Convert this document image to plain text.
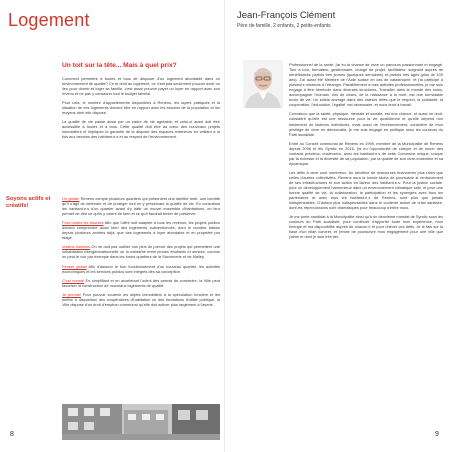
Logement
Un toit sur la tête... Mais à quel prix?

Comment permettre à toutes et tous de disposer d'un logement abordable dans un environnement de qualité? Ce te droit au logement, ce n'est pas seulement pouvoir avoir un lieu pour dormir et loger sa famille, c'est aussi pouvoir payer un loyer en rapport avec son revenu et ne pas y consacrer tout le budget familial.

Pour cela, le nombre d'appartements disponibles à Renens, les loyers pratiqués et la situation de ces logements doivent être en rapport avec les besoins de la population et les moyens dont elle dispose.

La qualité de vie passe aussi par un cadre de vie agréable, et celui-ci aussi doit être accessible à toutes et à tous. Cette qualité doit être au cœur des nouveaux projets immobiliers et impliquer la garantie de la dispose des espaces extérieurs en veillant à la fois aux besoins des habitant.e.s et au respect de l'environnement.

Soyons actifs et créatifs!

On garde! Renens compte plusieurs quartiers qui présentent une identité forte, une identité qu'il s'agit de défendre et de protéger tout en y préservant la qualité de vie. En consultant les habitant.e.s d'un quartier avant d'y bâtir un nouvel ensemble d'habitations, on leur permet de dire ce qu'ils y voient de bien et ce qu'il faudrait tenter de préserver.

Pour toutes les bourses Afin que l'offre soit adaptée à tous les revenus, les projets publics doivent comprendre aussi bien des logements subventionnés, dont le nombre baisse depuis plusieurs années déjà, que des logements à loyer abordable et en propriété par étage.

Voisins-Voisines On ne doit pas oublier non plus de prévoir des projets qui permettent une cohabitation intergénérationnelle ou la solidarité entre jeunes étudiants et seniors, comme on peut le voir par exemple dans les futurs quartiers de la Savonnerie et de Malley.

Penser global Afin d'assurer le bon fonctionnement d'un nouveau quartier, les activités économiques et les services publics sont intégrés dès sa conception.

C'est normal En simplifiant et en accélérant l'octroi des permis de construire, la Ville peut favoriser la construction de nouveaux logements de qualité.

Je prends! Pour pouvoir soutenir les objets immobiliers à la spéculation foncière et les mettre à disposition des coopératives d'habitation ou des fondations d'utilité publique, la Ville dispose d'un droit d'emption communal qu'elle doit activer plus largement à l'avenir.

8
Jean-François Clément
Père de famille, 2 enfants, 2 petits-enfants

Professionnel de la santé, j'ai eu la chance de vivre un parcours passionnant et engagé. Tour à tour, formateur, gestionnaire, chargé de projet, facilitateur, soignant auprès de bénéficiaires parfois très jeunes (quelques semaines) et parfois très âgés (plus de 100 ans). J'ai aussi été Membre de l'Aide suisse en cas de catastrophe, et j'ai participé à plusieurs missions à l'étranger. Parallèlement à mes activités professionnelles, je me suis engagé à titre bénévole dans diverses structures. Travailler dans le monde des soins, accompagner l'humain, lors de crises, de la naissance à la mort, est une formidable école de vie. Un solide ancrage dans des valeurs telles que le respect, la solidarité, la coopération, l'éducation, l'égalité, est nécessaire, et nous tend à travail.

Convaincu que la santé, physique, mentale et sociale, est une chance, et aussi un droit, considéré qu'elle est une ressource pour la vie quotidienne et qu'elle dépend non seulement de facteurs individuels, mais aussi de l'environnement, considéré de mon privilège de vivre en démocratie, je me suis engagé en politique sous les couleurs du Parti socialiste.

Entré au Conseil communal de Renens en 1999, membre de la Municipalité de Renens depuis 2006 et élu Syndic en 2016, j'ai eu l'opportunité de côtoyer et de nouer des contacts précieux, chaleureux, avec les habitant.e.s de cette Commune unique: unique par la richesse et la diversité de sa population, par la qualité de son vivre-ensemble et sa dynamique.

Les défis à venir sont nombreux. Au bénéfice de ressources financières plus rares que celles d'autres collectivités, Renens aura la lourde tâche de poursuivre le renforcement de ses infrastructures et son action en faveur des habitant.e.s. Pour la justice sociale, pour un développement harmonieux dans un environnement climatique sain, et pour une bonne qualité de vie, la collaboration, la participation et les synergies avec tous les partenaires et avec tous les habitant.e.s de Renens, sont plus que jamais indispensables. D'autant plus indispensables dans le contexte actuel de crise sanitaire, dont les répercussions sont dramatiques pour beaucoup d'entre nous.

Je me porte candidat à la Municipalité ainsi qu'à un deuxième mandat de Syndic sous les couleurs du Parti socialiste, pour continuer d'apporter toute mon expérience, mon énergie et ma disponibilité auprès de chacun.e et pour relever ces défis. Je le fais sur la base d'un bilan concret, et j'envie de poursuivre mon engagement pour une ville que j'aime et dont je suis très fier.

9
